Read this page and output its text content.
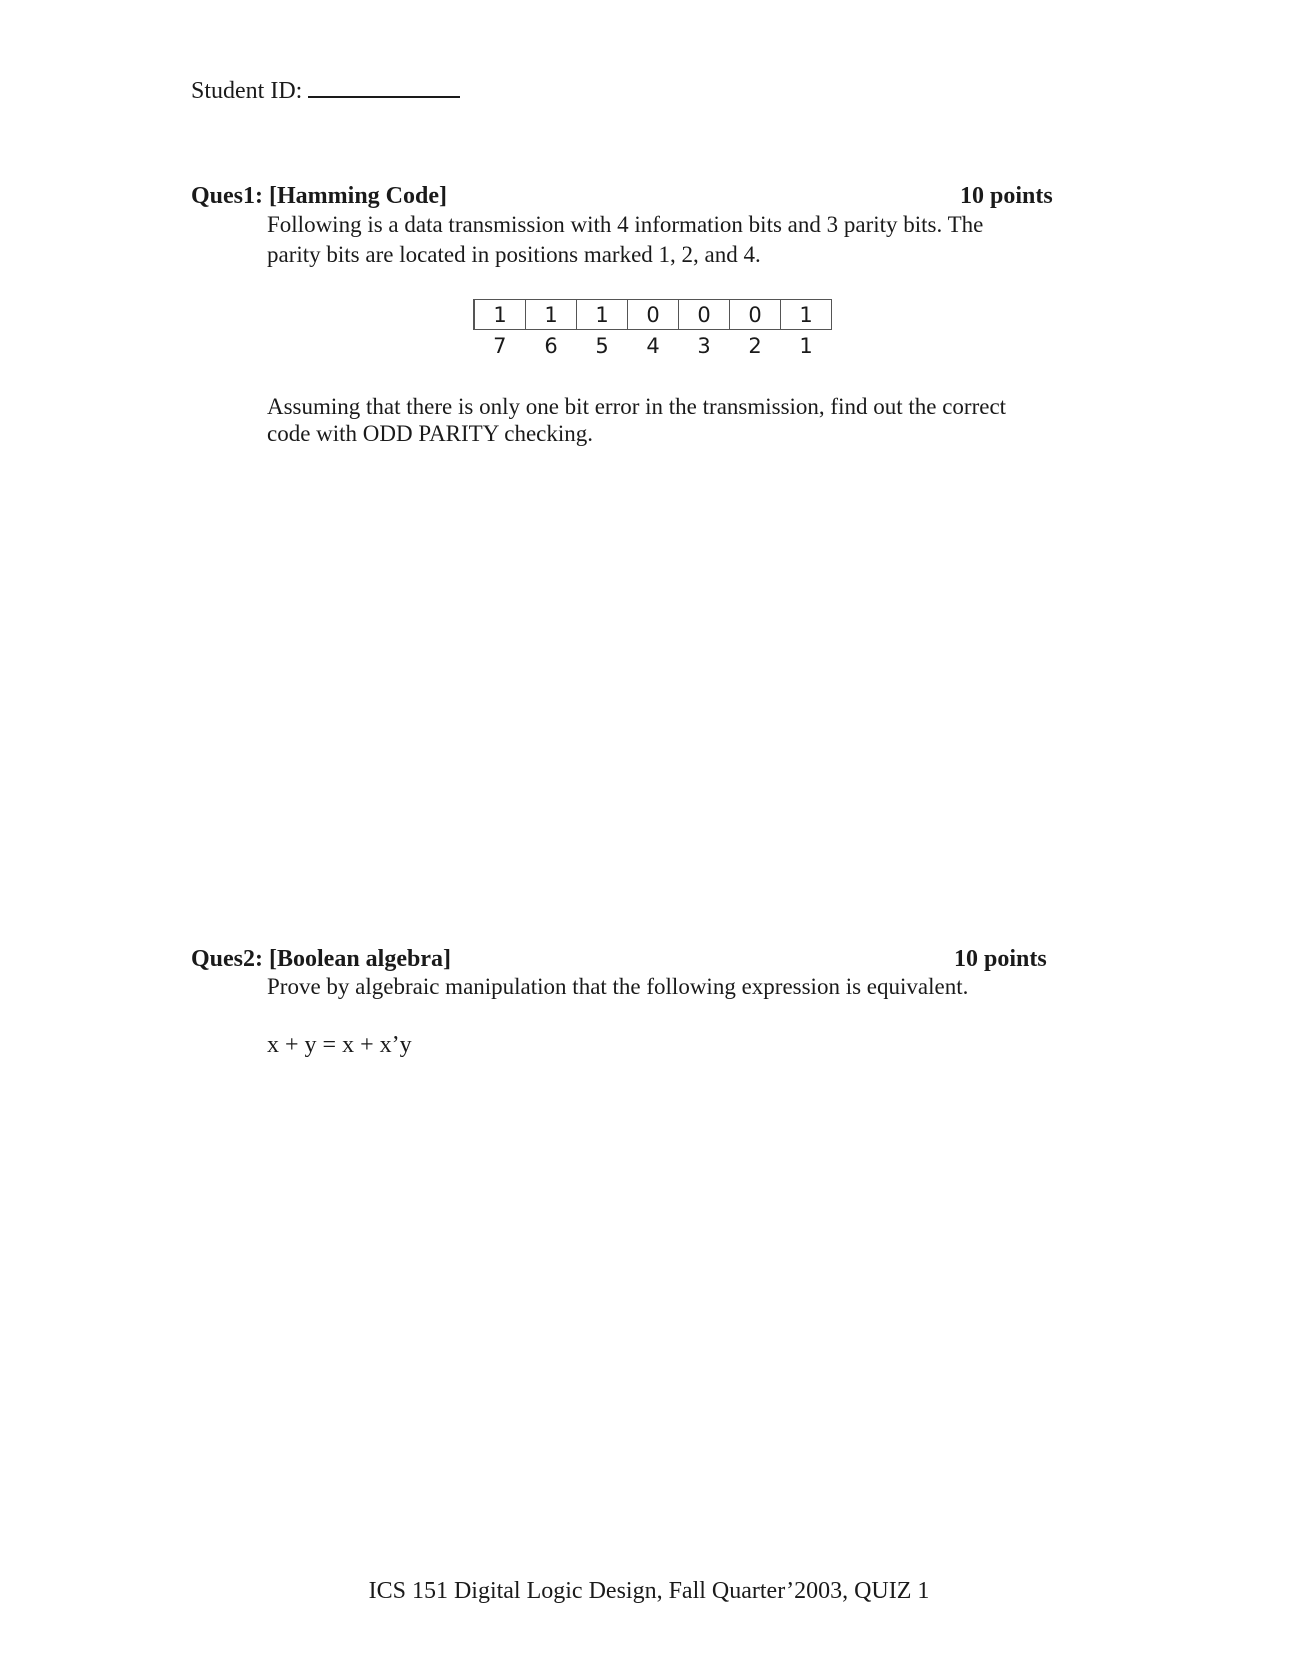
Student ID:
Ques1: [Hamming Code]	10 points
Following is a data transmission with 4 information bits and 3 parity bits. The
parity bits are located in positions marked 1, 2, and 4.
1	1	1	0	0	0	1
7	6	5	4	3	2	1
Assuming that there is only one bit error in the transmission, find out the correct
code with ODD PARITY checking.
Ques2: [Boolean algebra]	10 points
Prove by algebraic manipulation that the following expression is equivalent.
x + y = x + x’y
ICS 151 Digital Logic Design, Fall Quarter’2003, QUIZ 1
